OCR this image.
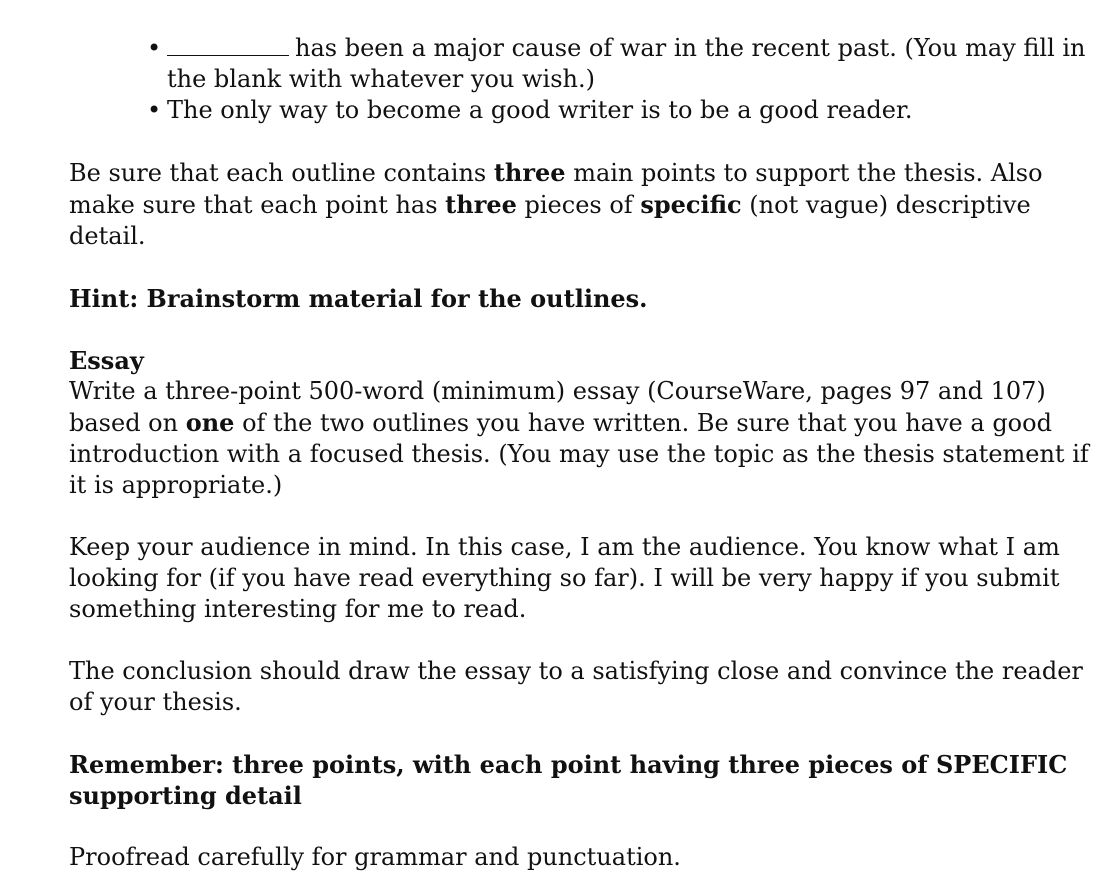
•	has been a major cause of war in the recent past. (You may fill in the blank with whatever you wish.)
• The only way to become a good writer is to be a good reader.

Be sure that each outline contains three main points to support the thesis. Also make sure that each point has three pieces of specific (not vague) descriptive detail.

Hint: Brainstorm material for the outlines.

Essay

Write a three-point 500-word (minimum) essay (CourseWare, pages 97 and 107) based on one of the two outlines you have written. Be sure that you have a good introduction with a focused thesis. (You may use the topic as the thesis statement if it is appropriate.)

Keep your audience in mind. In this case, I am the audience. You know what I am looking for (if you have read everything so far). I will be very happy if you submit something interesting for me to read.

The conclusion should draw the essay to a satisfying close and convince the reader of your thesis.

Remember: three points, with each point having three pieces of SPECIFIC supporting detail

Proofread carefully for grammar and punctuation.
